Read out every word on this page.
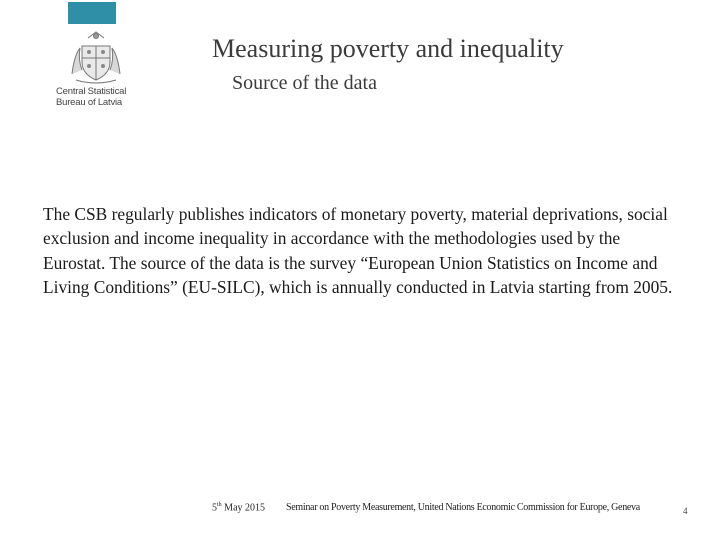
Central Statistical
Bureau of Latvia
Measuring poverty and inequality
Source of the data
The CSB regularly publishes indicators of monetary poverty, material deprivations, social exclusion and income inequality in accordance with the methodologies used by the Eurostat. The source of the data is the survey “European Union Statistics on Income and Living Conditions” (EU-SILC), which is annually conducted in Latvia starting from 2005.
5th May 2015 Seminar on Poverty Measurement, United Nations Economic Commission for Europe, Geneva	4
